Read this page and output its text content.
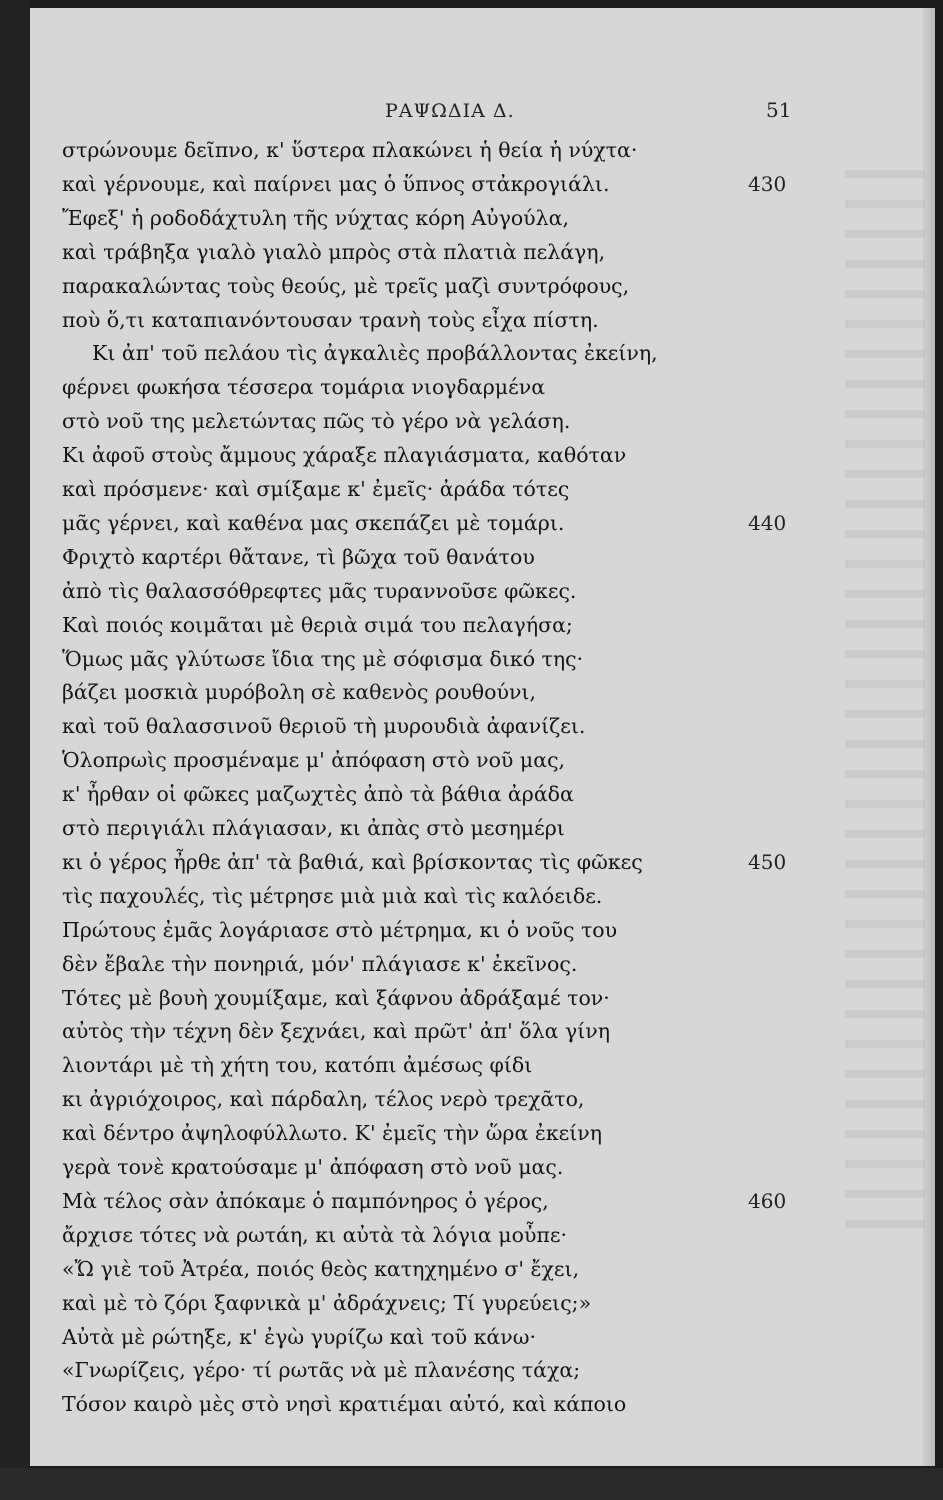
ΡΑΨΩΔΙΑ Δ.	51
στρώνουμε δεῖπνο, κ' ὕστερα πλακώνει ἡ θεία ἡ νύχτα·
καὶ γέρνουμε, καὶ παίρνει μας ὁ ὕπνος στἀκρογιάλι.	430
Ἔφεξ' ἡ ροδοδάχτυλη τῆς νύχτας κόρη Αὐγούλα,
καὶ τράβηξα γιαλὸ γιαλὸ μπρὸς στὰ πλατιὰ πελάγη,
παρακαλώντας τοὺς θεούς, μὲ τρεῖς μαζὶ συντρόφους,
ποὺ ὅ,τι καταπιανόντουσαν τρανὴ τοὺς εἶχα πίστη.
Κι ἀπ' τοῦ πελάου τὶς ἀγκαλιὲς προβάλλοντας ἐκείνη,
φέρνει φωκήσα τέσσερα τομάρια νιογδαρμένα
στὸ νοῦ της μελετώντας πῶς τὸ γέρο νὰ γελάση.
Κι ἀφοῦ στοὺς ἄμμους χάραξε πλαγιάσματα, καθόταν
καὶ πρόσμενε· καὶ σμίξαμε κ' ἐμεῖς· ἀράδα τότες
μᾶς γέρνει, καὶ καθένα μας σκεπάζει μὲ τομάρι.	440
Φριχτὸ καρτέρι θἄτανε, τὶ βῶχα τοῦ θανάτου
ἀπὸ τὶς θαλασσόθρεφτες μᾶς τυραννοῦσε φῶκες.
Καὶ ποιός κοιμᾶται μὲ θεριὰ σιμά του πελαγήσα;
Ὅμως μᾶς γλύτωσε ἴδια της μὲ σόφισμα δικό της·
βάζει μοσκιὰ μυρόβολη σὲ καθενὸς ρουθούνι,
καὶ τοῦ θαλασσινοῦ θεριοῦ τὴ μυρουδιὰ ἀφανίζει.
Ὁλοπρωὶς προσμέναμε μ' ἀπόφαση στὸ νοῦ μας,
κ' ἦρθαν οἱ φῶκες μαζωχτὲς ἀπὸ τὰ βάθια ἀράδα
στὸ περιγιάλι πλάγιασαν, κι ἀπὰς στὸ μεσημέρι
κι ὁ γέρος ἦρθε ἀπ' τὰ βαθιά, καὶ βρίσκοντας τὶς φῶκες	450
τὶς παχουλές, τὶς μέτρησε μιὰ μιὰ καὶ τὶς καλόειδε.
Πρώτους ἐμᾶς λογάριασε στὸ μέτρημα, κι ὁ νοῦς του
δὲν ἔβαλε τὴν πονηριά, μόν' πλάγιασε κ' ἐκεῖνος.
Τότες μὲ βουὴ χουμίξαμε, καὶ ξάφνου ἀδράξαμέ τον·
αὐτὸς τὴν τέχνη δὲν ξεχνάει, καὶ πρῶτ' ἀπ' ὅλα γίνη
λιοντάρι μὲ τὴ χήτη του, κατόπι ἀμέσως φίδι
κι ἀγριόχοιρος, καὶ πάρδαλη, τέλος νερὸ τρεχᾶτο,
καὶ δέντρο ἀψηλοφύλλωτο. Κ' ἐμεῖς τὴν ὥρα ἐκείνη
γερὰ τονὲ κρατούσαμε μ' ἀπόφαση στὸ νοῦ μας.
Μὰ τέλος σὰν ἀπόκαμε ὁ παμπόνηρος ὁ γέρος,	460
ἄρχισε τότες νὰ ρωτάη, κι αὐτὰ τὰ λόγια μοὖπε·
«Ὤ γιὲ τοῦ Ἀτρέα, ποιός θεὸς κατηχημένο σ' ἔχει,
καὶ μὲ τὸ ζόρι ξαφνικὰ μ' ἀδράχνεις; Τί γυρεύεις;»
Αὐτὰ μὲ ρώτηξε, κ' ἐγὼ γυρίζω καὶ τοῦ κάνω·
«Γνωρίζεις, γέρο· τί ρωτᾶς νὰ μὲ πλανέσης τάχα;
Τόσον καιρὸ μὲς στὸ νησὶ κρατιέμαι αὐτό, καὶ κάποιο
